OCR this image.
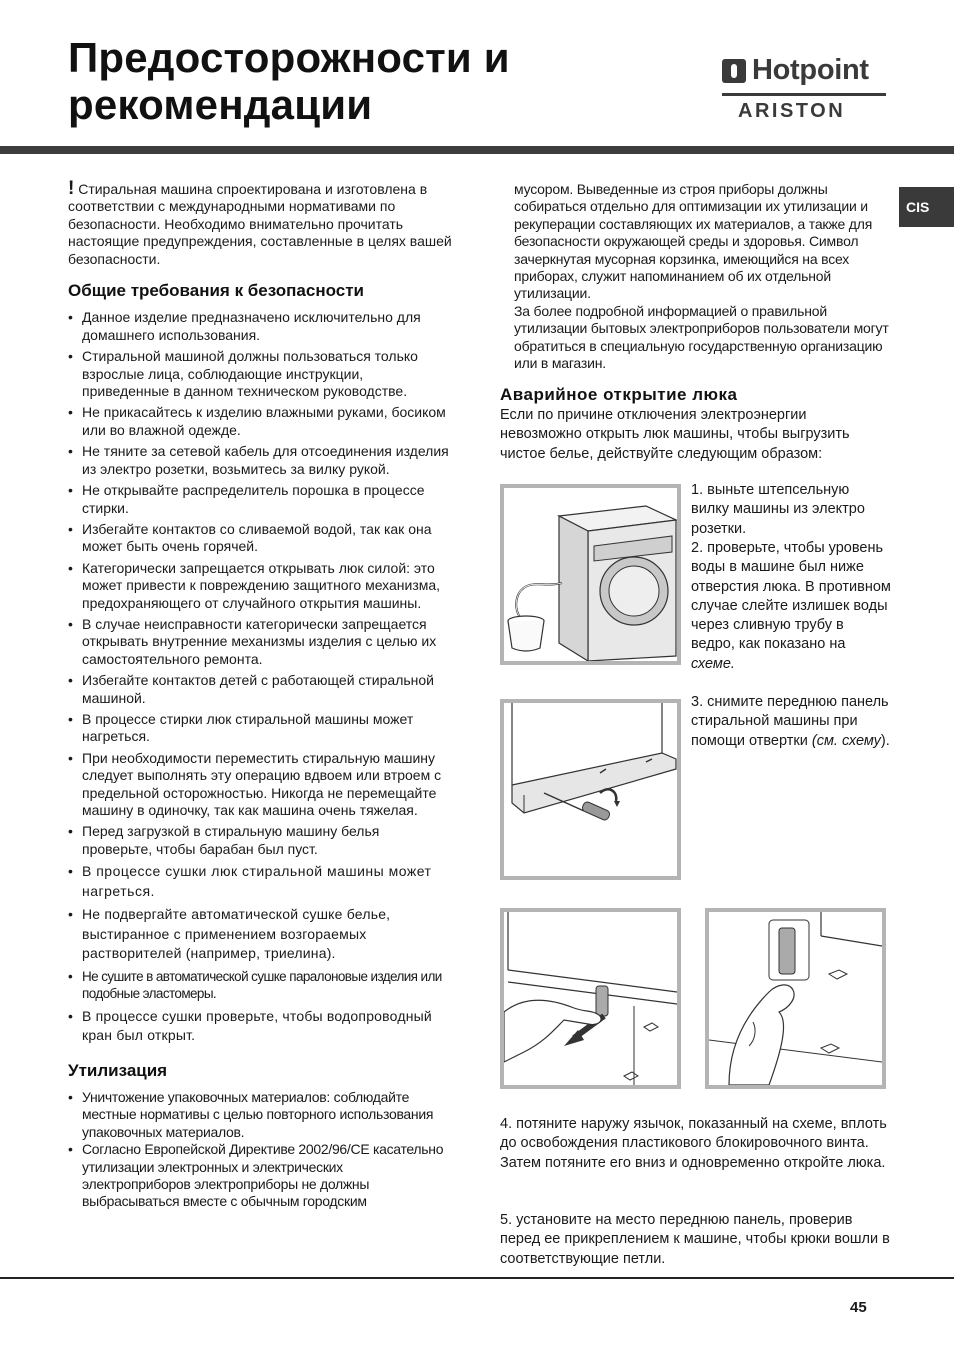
Предосторожности и
рекомендации
Hotpoint
ARISTON
CIS

! Стиральная машина спроектирована и изготовлена в соответствии с международными нормативами по безопасности. Необходимо внимательно прочитать настоящие предупреждения, составленные в целях вашей безопасности.

Общие требования к безопасности
• Данное изделие предназначено исключительно для домашнего использования.
• Стиральной машиной должны пользоваться только взрослые лица, соблюдающие инструкции, приведенные в данном техническом руководстве.
• Не прикасайтесь к изделию влажными руками, босиком или во влажной одежде.
• Не тяните за сетевой кабель для отсоединения изделия из электро розетки, возьмитесь за вилку рукой.
• Не открывайте распределитель порошка в процессе стирки.
• Избегайте контактов со сливаемой водой, так как она может быть очень горячей.
• Категорически запрещается открывать люк силой: это может привести к повреждению защитного механизма, предохраняющего от случайного открытия машины.
• В случае неисправности категорически запрещается открывать внутренние механизмы изделия с целью их самостоятельного ремонта.
• Избегайте контактов детей с работающей стиральной машиной.
• В процессе стирки люк стиральной машины может нагреться.
• При необходимости переместить стиральную машину следует выполнять эту операцию вдвоем или втроем с предельной осторожностью. Никогда не перемещайте машину в одиночку, так как машина очень тяжелая.
• Перед загрузкой в стиральную машину белья проверьте, чтобы барабан был пуст.
• В процессе сушки люк стиральной машины может нагреться.
• Не подвергайте автоматической сушке белье, выстиранное с применением возгораемых растворителей (например, триелина).
• Не сушите в автоматической сушке паралоновые изделия или подобные эластомеры.
• В процессе сушки проверьте, чтобы водопроводный кран был открыт.
Утилизация
• Уничтожение упаковочных материалов: соблюдайте местные нормативы с целью повторного использования упаковочных материалов.
• Согласно Европейской Директиве 2002/96/CE касательно утилизации электронных и электрических электроприборов электроприборы не должны выбрасываться вместе с обычным городским

мусором. Выведенные из строя приборы должны собираться отдельно для оптимизации их утилизации и рекуперации составляющих их материалов, а также для безопасности окружающей среды и здоровья. Символ зачеркнутая мусорная корзинка, имеющийся на всех приборах, служит напоминанием об их отдельной утилизации.

За более подробной информацией о правильной утилизации бытовых электроприборов пользователи могут обратиться в специальную государственную организацию или в магазин.

Аварийное открытие люка

Если по причине отключения электроэнергии невозможно открыть люк машины, чтобы выгрузить чистое белье, действуйте следующим образом:

1. выньте штепсельную вилку машины из электро розетки.
2. проверьте, чтобы уровень воды в машине был ниже отверстия люка. В противном случае слейте излишек воды через сливную трубу в ведро, как показано на схеме.
3. снимите переднюю панель стиральной машины при помощи отвертки (см. схему).
4. потяните наружу язычок, показанный на схеме, вплоть до освобождения пластикового блокировочного винта. Затем потяните его вниз и одновременно откройте люка.
5. установите на место переднюю панель, проверив перед ее прикреплением к машине, чтобы крюки вошли в соответствующие петли.
45
